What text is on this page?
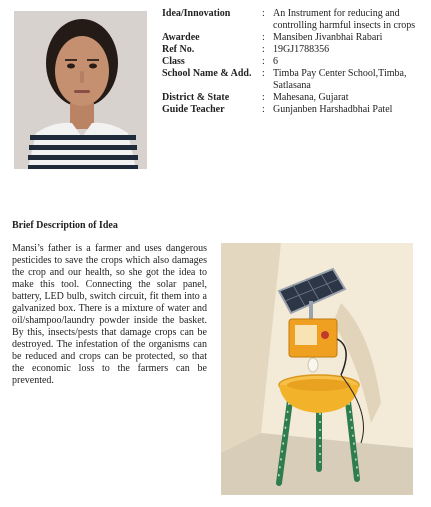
Idea/Innovation	: An Instrument for reducing and controlling harmful insects in crops
Awardee	: Mansiben Jivanbhai Rabari
Ref No.	: 19GJ1788356
Class	: 6
School Name & Add.	: Timba Pay Center School,Timba, Satlasana
District & State	: Mahesana, Gujarat
Guide Teacher	: Gunjanben Harshadbhai Patel
Brief Description of Idea

Mansi’s father is a farmer and uses dangerous pesticides to save the crops which also damages the crop and our health, so she got the idea to make this tool. Connecting the solar panel, battery, LED bulb, switch circuit, fit them into a galvanized box. There is a mixture of water and oil/shampoo/laundry powder inside the basket. By this, insects/pests that damage crops can be destroyed. The infestation of the organisms can be reduced and crops can be protected, so that the economic loss to the farmers can be prevented.
